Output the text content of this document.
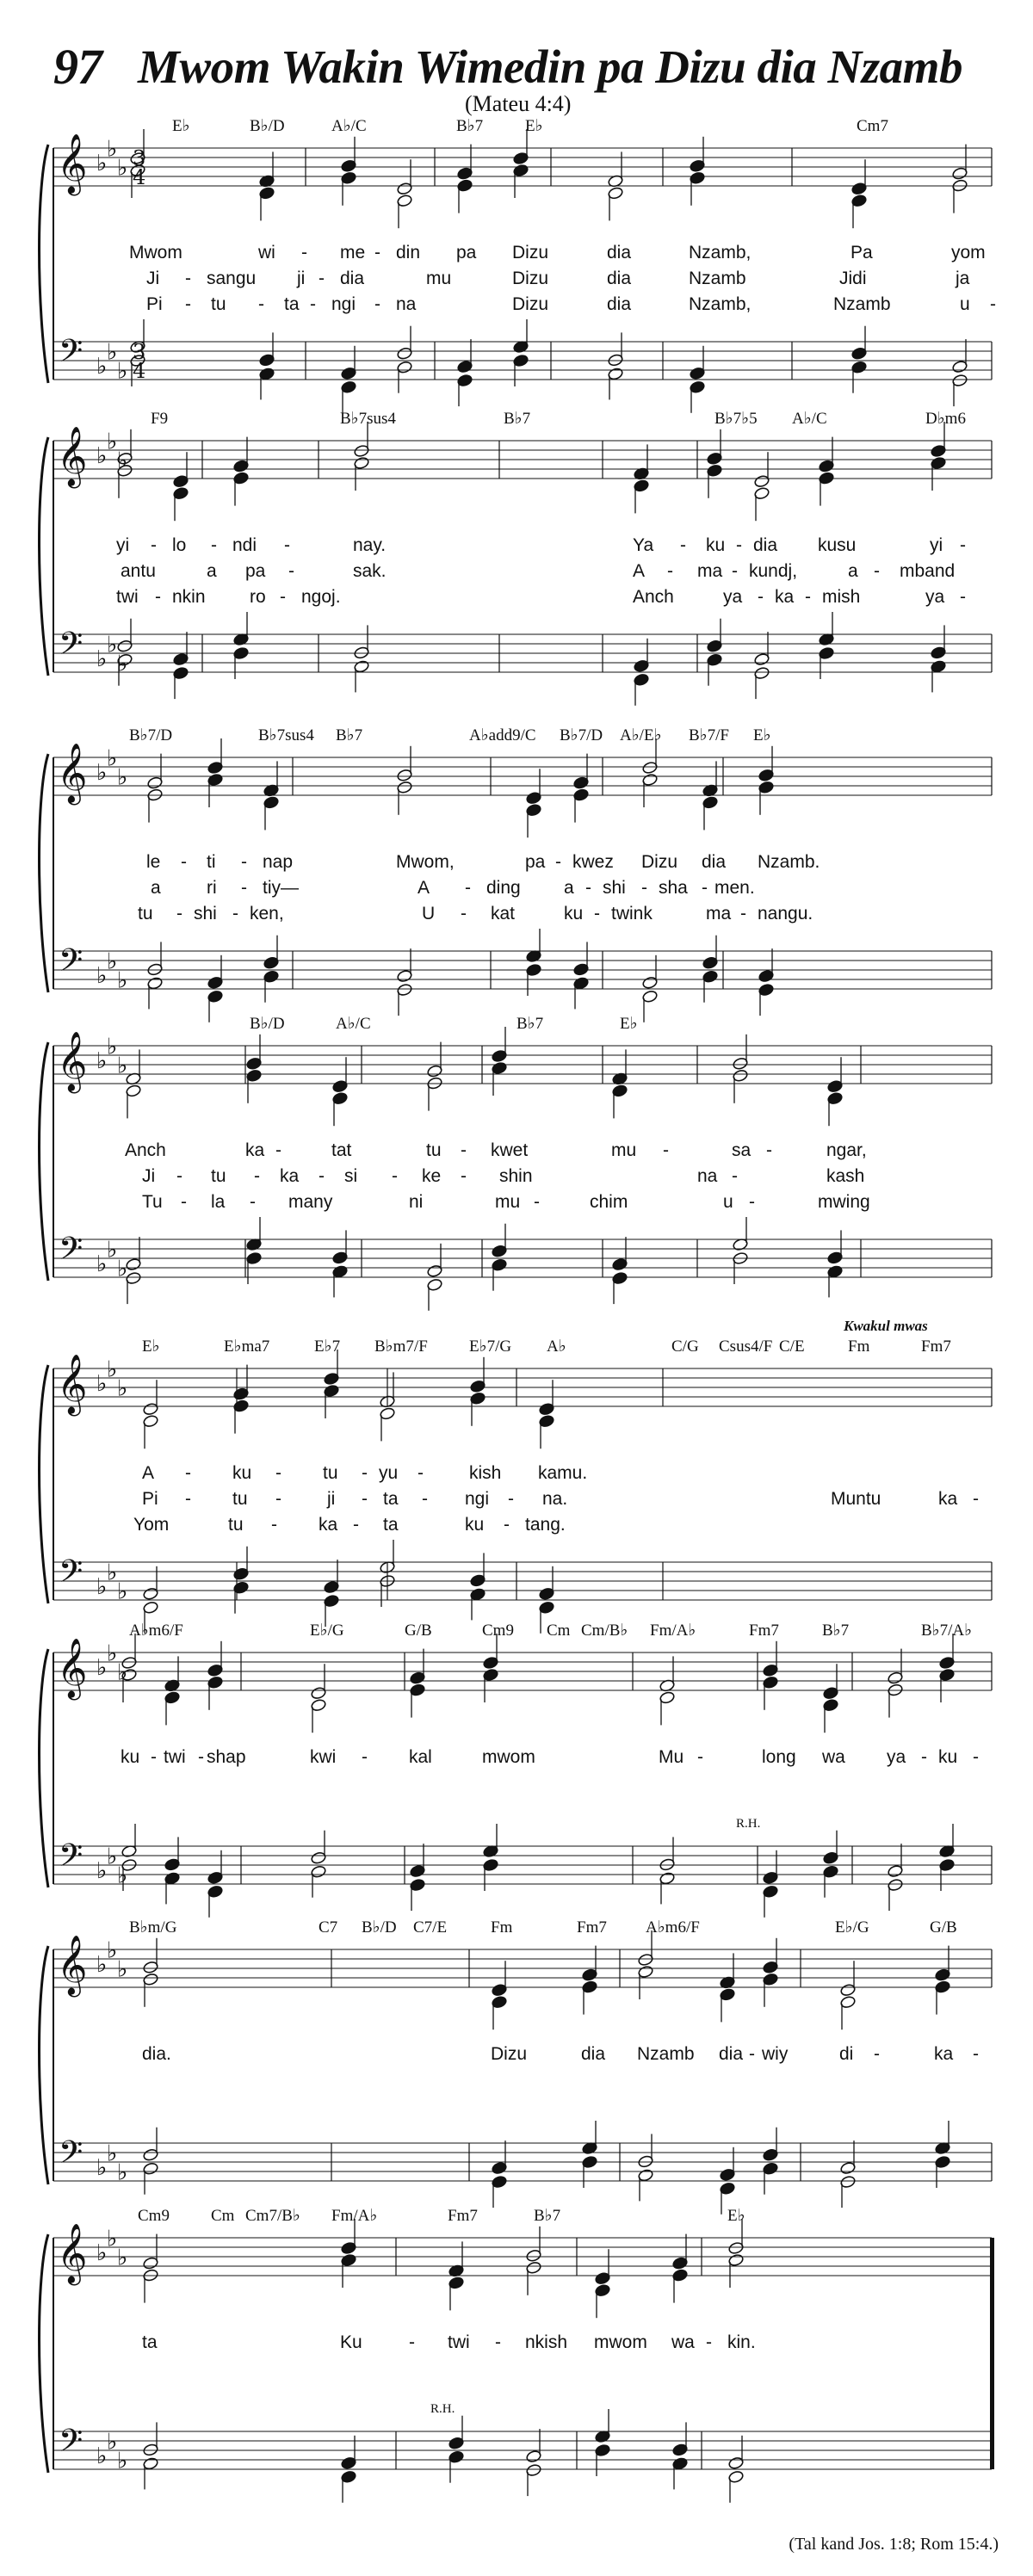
97 Mwom Wakin Wimedin pa Dizu dia Nzamb
(Mateu 4:4)
𝄞 ♭
♭
♭ 3
4
𝄢 ♭
♭
♭
3
4
E♭	B♭/D	A♭/C	B♭7	E♭	Cm7
Mwom	wi - me - din pa Dizu	dia	Nzamb,	Pa	yom
Ji - sangu ji - dia	mu	Dizu	dia	Nzamb	Jidi	ja
Pi - tu - ta - ngi - na	Dizu	dia	Nzamb,	Nzamb	u -
𝄞 ♭
♭
♭
𝄢 ♭
♭
♭
F9	B♭7sus4	B♭7	B♭7♭5 A♭/C	D♭m6
yi - lo - ndi -	nay.	Ya - ku - dia kusu	yi -
antu	a pa -	sak.	A - ma - kundj,	a - mband
twi - nkin ro - ngoj.	Anch	ya - ka - mish	ya -
𝄞 ♭
♭
♭
𝄢 ♭
♭
♭
B♭7/D	B♭7sus4 B♭7	A♭add9/C B♭7/D A♭/E♭ B♭7/F E♭
le - ti - nap	Mwom,	pa - kwez Dizu dia Nzamb.
a	ri - tiy—	A - ding a - shi - sha - men.
tu - shi - ken,	U - kat	ku - twink	ma - nangu.
𝄞 ♭
♭
♭
𝄢 ♭
♭
♭
B♭/D	A♭/C	B♭7	E♭
Anch	ka -	tat	tu - kwet	mu -	sa -	ngar,
Ji - tu - ka - si - ke - shin	na -	kash
Tu - la - many	ni	mu -	chim	u -	mwing
𝄞 ♭
♭
♭
𝄢 ♭
♭
♭
E♭	E♭ma7	E♭7 B♭m7/F	E♭7/G A♭	C/G Csus4/F C/E	Fm	Fm7
A - ku - tu - yu -	kish kamu.
Pi - tu -	ji - ta - ngi - na.	Muntu	ka -
Yom	tu - ka - ta	ku - tang.
Kwakul mwas
𝄞 ♭
♭
♭
𝄢 ♭
♭
♭
A♭m6/F	E♭/G	G/B	Cm9 Cm Cm/B♭ Fm/A♭	Fm7	B♭7	B♭7/A♭
ku - twi - shap	kwi - kal	mwom	Mu -	long wa ya - ku -
R.H.
𝄞 ♭
♭
♭
𝄢 ♭
♭
♭
B♭m/G	C7 B♭/D C7/E	Fm	Fm7 A♭m6/F	E♭/G	G/B
dia.	Dizu	dia Nzamb dia - wiy	di -	ka -
𝄞 ♭
♭
♭
𝄢 ♭
♭
♭
Cm9	Cm Cm7/B♭ Fm/A♭	Fm7	B♭7	E♭
ta	Ku	- twi - nkish mwom wa - kin.
R.H.
(Tal kand Jos. 1:8; Rom 15:4.)
